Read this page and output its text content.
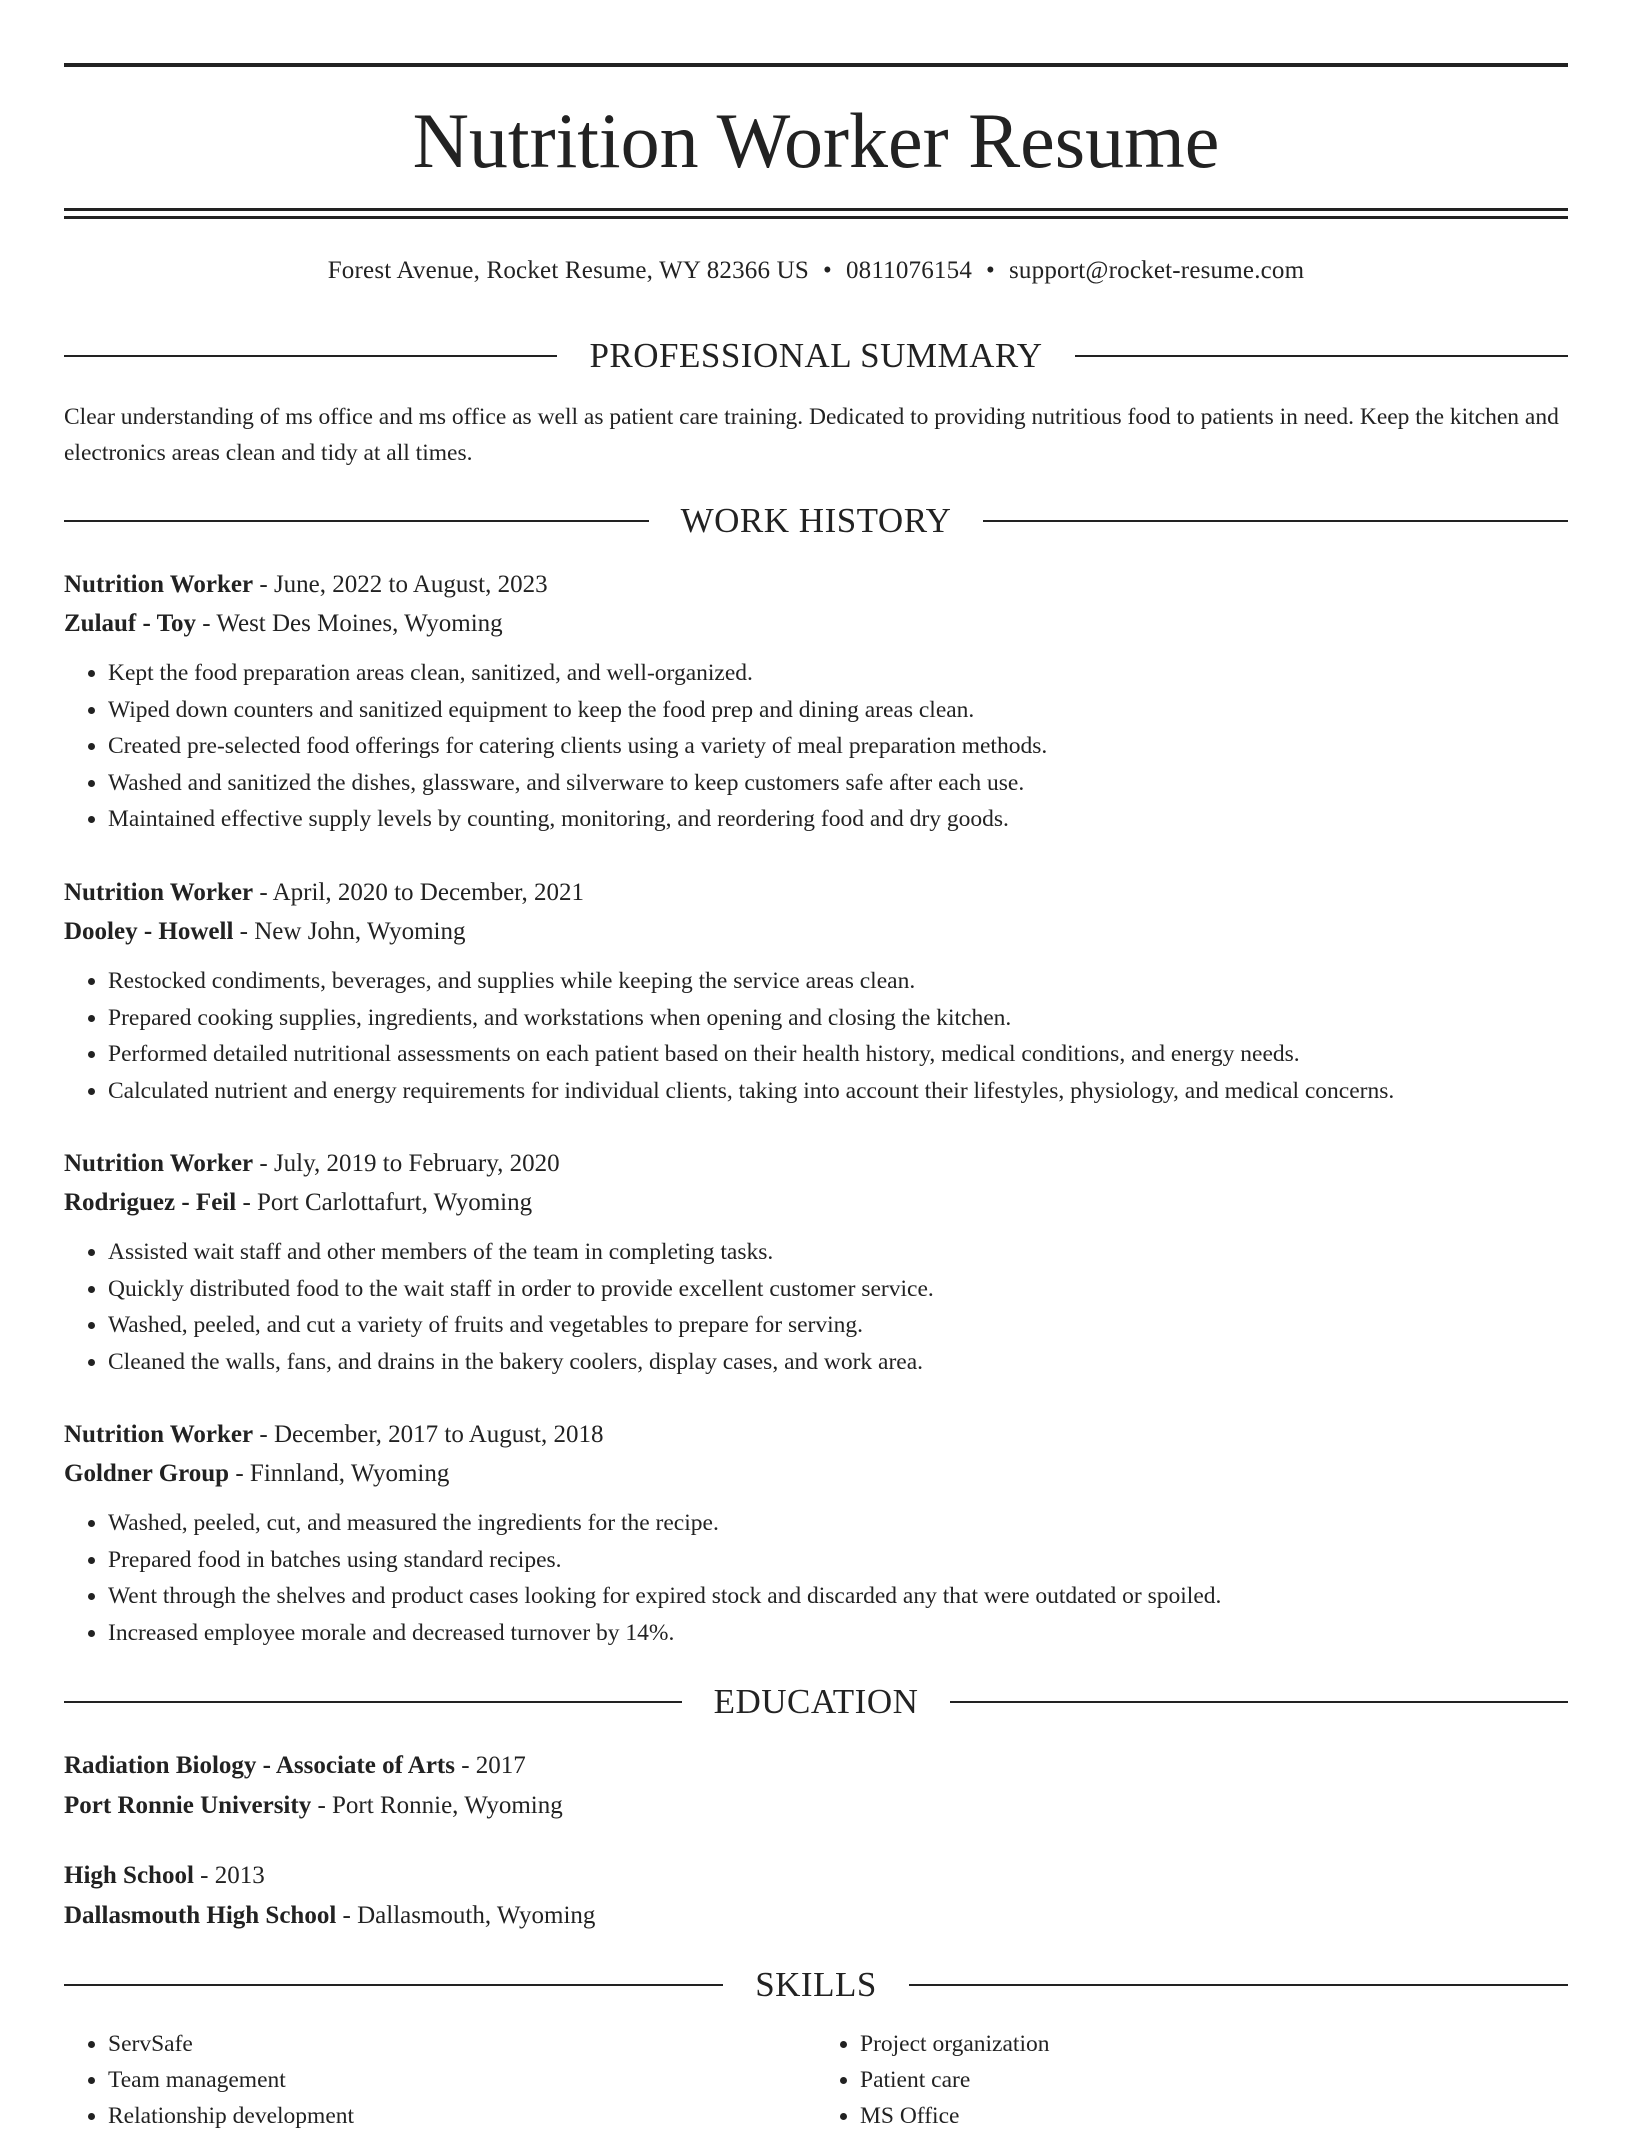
Nutrition Worker Resume
Forest Avenue, Rocket Resume, WY 82366 US • 0811076154 • support@rocket-resume.com
PROFESSIONAL SUMMARY

Clear understanding of ms office and ms office as well as patient care training. Dedicated to providing nutritious food to patients in need. Keep the kitchen and electronics areas clean and tidy at all times.

WORK HISTORY
Nutrition Worker - June, 2022 to August, 2023
Zulauf - Toy - West Des Moines, Wyoming
• Kept the food preparation areas clean, sanitized, and well-organized.
• Wiped down counters and sanitized equipment to keep the food prep and dining areas clean.
• Created pre-selected food offerings for catering clients using a variety of meal preparation methods.
• Washed and sanitized the dishes, glassware, and silverware to keep customers safe after each use.
• Maintained effective supply levels by counting, monitoring, and reordering food and dry goods.
Nutrition Worker - April, 2020 to December, 2021
Dooley - Howell - New John, Wyoming
• Restocked condiments, beverages, and supplies while keeping the service areas clean.
• Prepared cooking supplies, ingredients, and workstations when opening and closing the kitchen.
• Performed detailed nutritional assessments on each patient based on their health history, medical conditions, and energy needs.
• Calculated nutrient and energy requirements for individual clients, taking into account their lifestyles, physiology, and medical concerns.
Nutrition Worker - July, 2019 to February, 2020
Rodriguez - Feil - Port Carlottafurt, Wyoming
• Assisted wait staff and other members of the team in completing tasks.
• Quickly distributed food to the wait staff in order to provide excellent customer service.
• Washed, peeled, and cut a variety of fruits and vegetables to prepare for serving.
• Cleaned the walls, fans, and drains in the bakery coolers, display cases, and work area.
Nutrition Worker - December, 2017 to August, 2018
Goldner Group - Finnland, Wyoming
• Washed, peeled, cut, and measured the ingredients for the recipe.
• Prepared food in batches using standard recipes.
• Went through the shelves and product cases looking for expired stock and discarded any that were outdated or spoiled.
• Increased employee morale and decreased turnover by 14%.
EDUCATION
Radiation Biology - Associate of Arts - 2017
Port Ronnie University - Port Ronnie, Wyoming
High School - 2013
Dallasmouth High School - Dallasmouth, Wyoming
SKILLS
• ServSafe
• Team management
• Relationship development
• Project organization
• Patient care
• MS Office
